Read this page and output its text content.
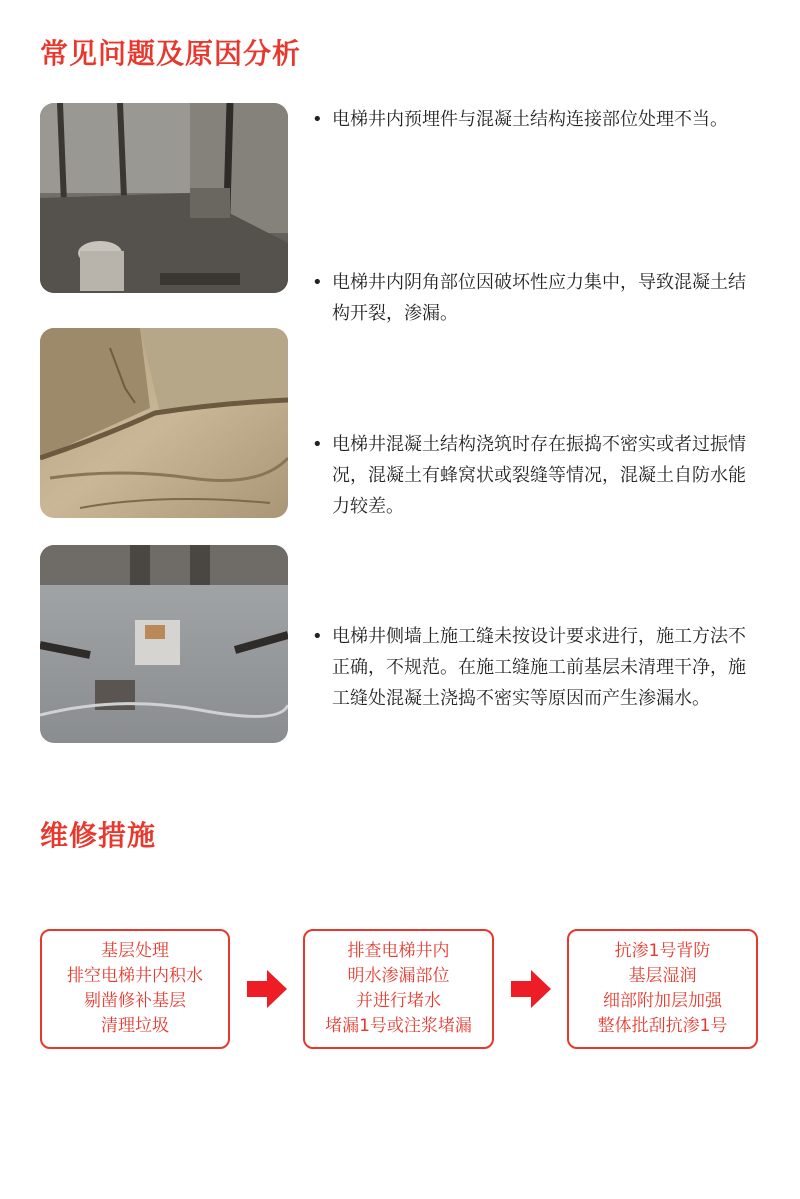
常见问题及原因分析
• 电梯井内预埋件与混凝土结构连接部位处理不当。
• 电梯井内阴角部位因破坏性应力集中，导致混凝土结构开裂，渗漏。
• 电梯井混凝土结构浇筑时存在振捣不密实或者过振情况，混凝土有蜂窝状或裂缝等情况，混凝土自防水能力较差。
• 电梯井侧墙上施工缝未按设计要求进行，施工方法不正确，不规范。在施工缝施工前基层未清理干净，施工缝处混凝土浇捣不密实等原因而产生渗漏水。
维修措施
基层处理
排空电梯井内积水
剔凿修补基层
清理垃圾
排查电梯井内
明水渗漏部位
并进行堵水
堵漏1号或注浆堵漏
抗渗1号背防
基层湿润
细部附加层加强
整体批刮抗渗1号
